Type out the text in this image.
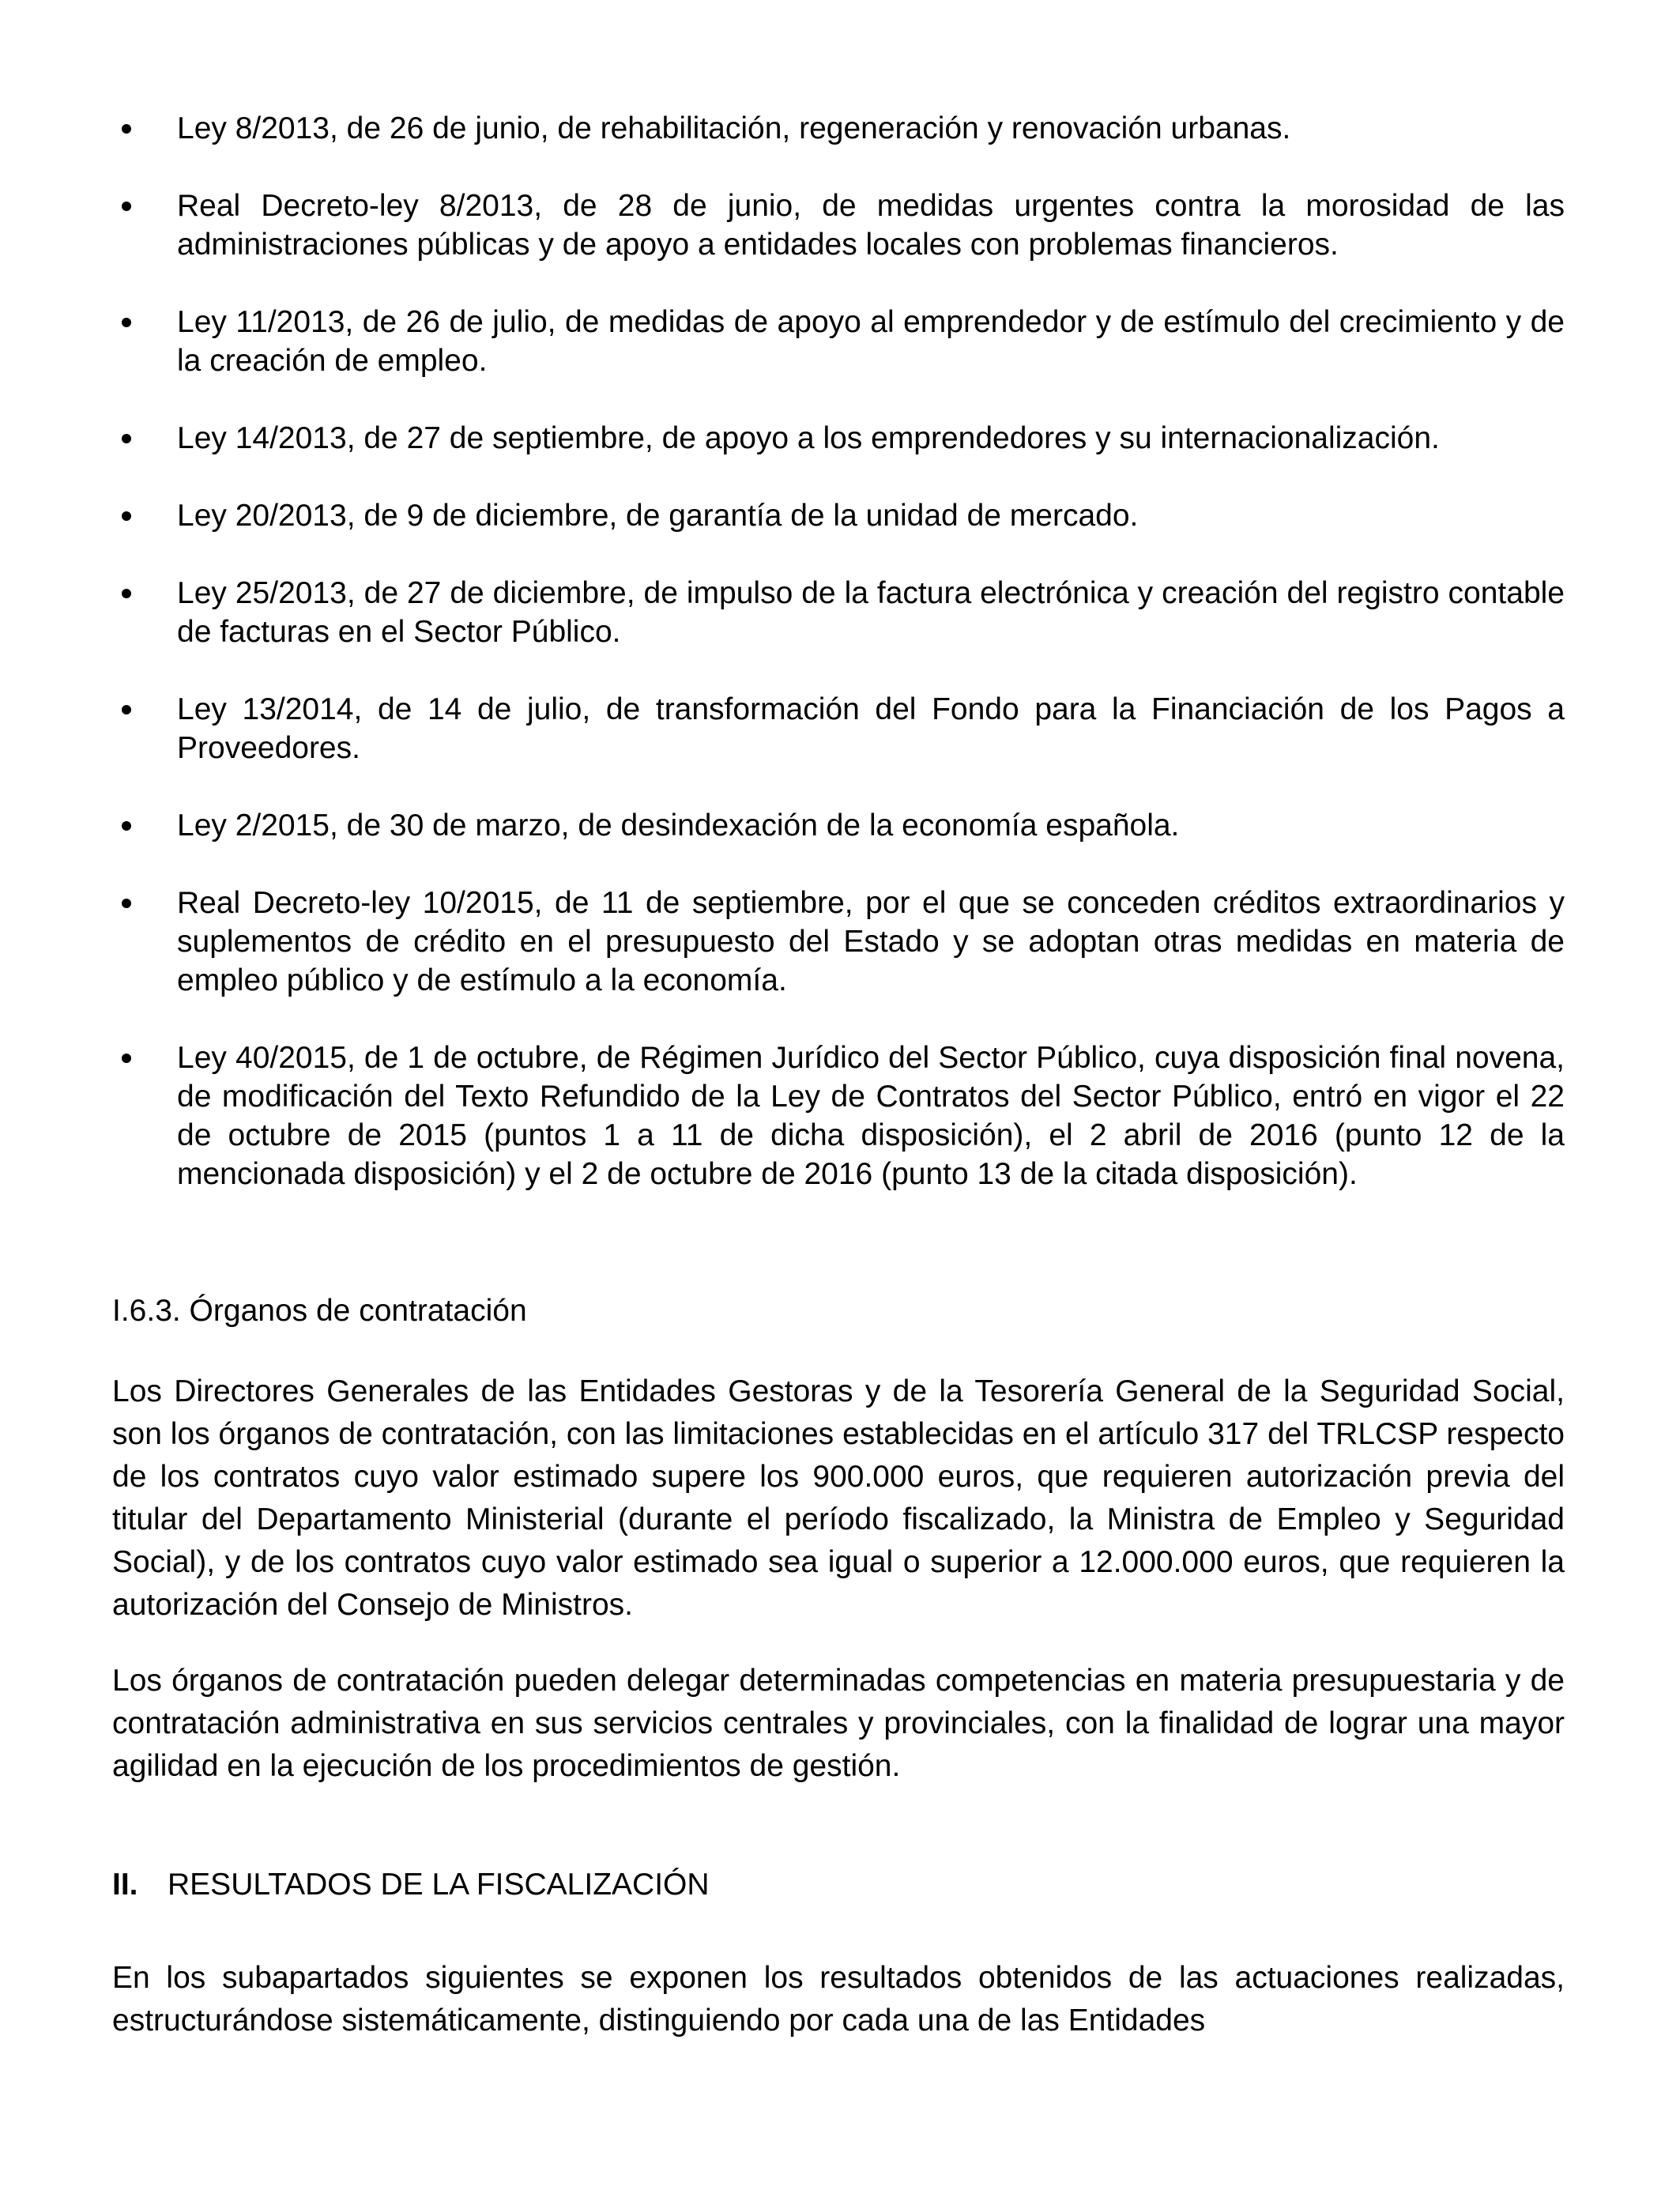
Ley 8/2013, de 26 de junio, de rehabilitación, regeneración y renovación urbanas.
Real Decreto-ley 8/2013, de 28 de junio, de medidas urgentes contra la morosidad de las administraciones públicas y de apoyo a entidades locales con problemas financieros.
Ley 11/2013, de 26 de julio, de medidas de apoyo al emprendedor y de estímulo del crecimiento y de la creación de empleo.
Ley 14/2013, de 27 de septiembre, de apoyo a los emprendedores y su internacionalización.
Ley 20/2013, de 9 de diciembre, de garantía de la unidad de mercado.
Ley 25/2013, de 27 de diciembre, de impulso de la factura electrónica y creación del registro contable de facturas en el Sector Público.
Ley 13/2014, de 14 de julio, de transformación del Fondo para la Financiación de los Pagos a Proveedores.
Ley 2/2015, de 30 de marzo, de desindexación de la economía española.
Real Decreto-ley 10/2015, de 11 de septiembre, por el que se conceden créditos extraordinarios y suplementos de crédito en el presupuesto del Estado y se adoptan otras medidas en materia de empleo público y de estímulo a la economía.
Ley 40/2015, de 1 de octubre, de Régimen Jurídico del Sector Público, cuya disposición final novena, de modificación del Texto Refundido de la Ley de Contratos del Sector Público, entró en vigor el 22 de octubre de 2015 (puntos 1 a 11 de dicha disposición), el 2 abril de 2016 (punto 12 de la mencionada disposición) y el 2 de octubre de 2016 (punto 13 de la citada disposición).
I.6.3. Órganos de contratación

Los Directores Generales de las Entidades Gestoras y de la Tesorería General de la Seguridad Social, son los órganos de contratación, con las limitaciones establecidas en el artículo 317 del TRLCSP respecto de los contratos cuyo valor estimado supere los 900.000 euros, que requieren autorización previa del titular del Departamento Ministerial (durante el período fiscalizado, la Ministra de Empleo y Seguridad Social), y de los contratos cuyo valor estimado sea igual o superior a 12.000.000 euros, que requieren la autorización del Consejo de Ministros.

Los órganos de contratación pueden delegar determinadas competencias en materia presupuestaria y de contratación administrativa en sus servicios centrales y provinciales, con la finalidad de lograr una mayor agilidad en la ejecución de los procedimientos de gestión.

II. RESULTADOS DE LA FISCALIZACIÓN

En los subapartados siguientes se exponen los resultados obtenidos de las actuaciones realizadas, estructurándose sistemáticamente, distinguiendo por cada una de las Entidades
